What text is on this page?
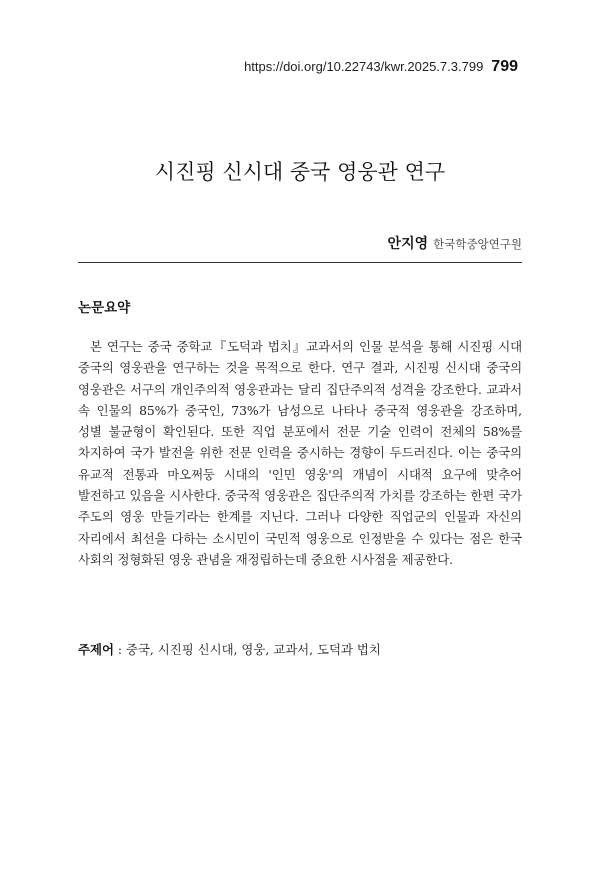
https://doi.org/10.22743/kwr.2025.7.3.799 799
시진핑 신시대 중국 영웅관 연구
안지영 한국학중앙연구원
논문요약

본 연구는 중국 중학교『도덕과 법치』교과서의 인물 분석을 통해 시진핑 시대 중국의 영웅관을 연구하는 것을 목적으로 한다. 연구 결과, 시진핑 신시대 중국의 영웅관은 서구의 개인주의적 영웅관과는 달리 집단주의적 성격을 강조한다. 교과서 속 인물의 85%가 중국인, 73%가 남성으로 나타나 중국적 영웅관을 강조하며, 성별 불균형이 확인된다. 또한 직업 분포에서 전문 기술 인력이 전체의 58%를 차지하여 국가 발전을 위한 전문 인력을 중시하는 경향이 두드러진다. 이는 중국의 유교적 전통과 마오쩌둥 시대의 '인민 영웅'의 개념이 시대적 요구에 맞추어 발전하고 있음을 시사한다. 중국적 영웅관은 집단주의적 가치를 강조하는 한편 국가 주도의 영웅 만들기라는 한계를 지닌다. 그러나 다양한 직업군의 인물과 자신의 자리에서 최선을 다하는 소시민이 국민적 영웅으로 인정받을 수 있다는 점은 한국 사회의 정형화된 영웅 관념을 재정립하는데 중요한 시사점을 제공한다.

주제어 : 중국, 시진핑 신시대, 영웅, 교과서, 도덕과 법치
